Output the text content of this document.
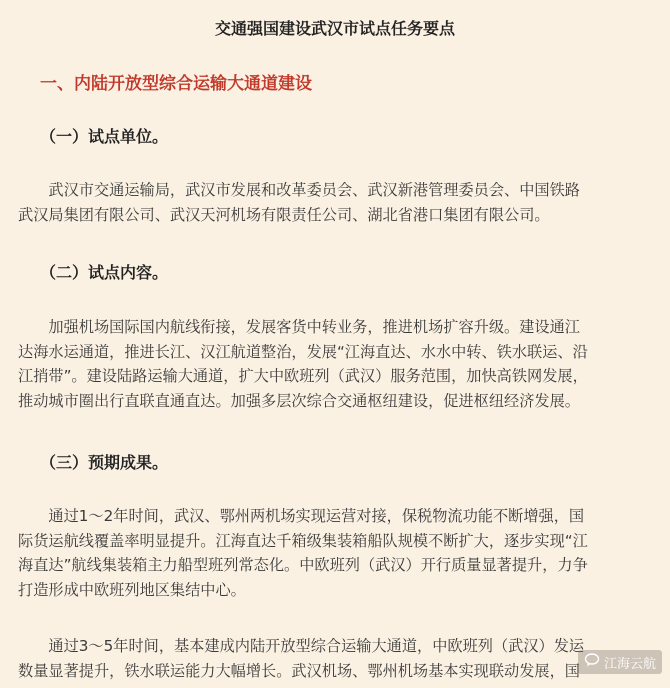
交通强国建设武汉市试点任务要点
一、内陆开放型综合运输大通道建设
（一）试点单位。
　　武汉市交通运输局，武汉市发展和改革委员会、武汉新港管理委员会、中国铁路
武汉局集团有限公司、武汉天河机场有限责任公司、湖北省港口集团有限公司。
（二）试点内容。
　　加强机场国际国内航线衔接，发展客货中转业务，推进机场扩容升级。建设通江
达海水运通道，推进长江、汉江航道整治，发展“江海直达、水水中转、铁水联运、沿
江捎带”。建设陆路运输大通道，扩大中欧班列（武汉）服务范围，加快高铁网发展，
推动城市圈出行直联直通直达。加强多层次综合交通枢纽建设，促进枢纽经济发展。
（三）预期成果。
　　通过1～2年时间，武汉、鄂州两机场实现运营对接，保税物流功能不断增强，国
际货运航线覆盖率明显提升。江海直达千箱级集装箱船队规模不断扩大，逐步实现“江
海直达”航线集装箱主力船型班列常态化。中欧班列（武汉）开行质量显著提升，力争
打造形成中欧班列地区集结中心。
　　通过3～5年时间，基本建成内陆开放型综合运输大通道，中欧班列（武汉）发运
数量显著提升，铁水联运能力大幅增长。武汉机场、鄂州机场基本实现联动发展，国	江海云航
